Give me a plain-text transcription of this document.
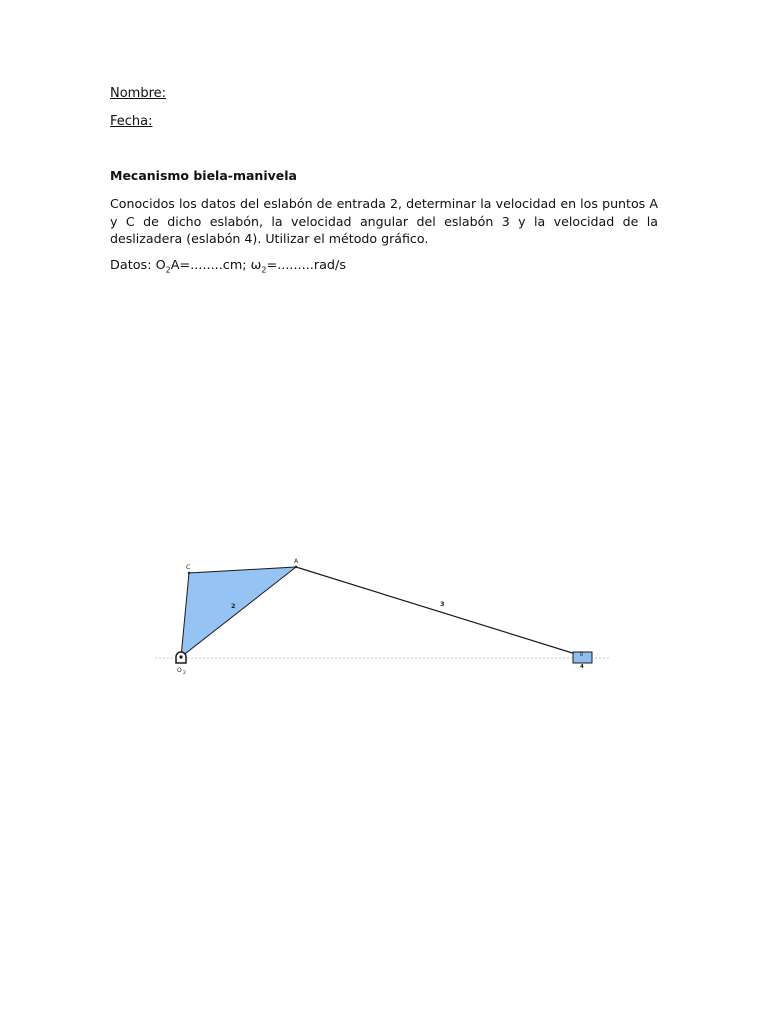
Nombre:
Fecha:
Mecanismo biela-manivela
Conocidos los datos del eslabón de entrada 2, determinar la velocidad en los puntos A y C de dicho eslabón, la velocidad angular del eslabón 3 y la velocidad de la deslizadera (eslabón 4). Utilizar el método gráfico.
Datos: $O_2A=........cm$; $\omega_2=.........rad/s$
C
A
2	3
B
4
O 2
